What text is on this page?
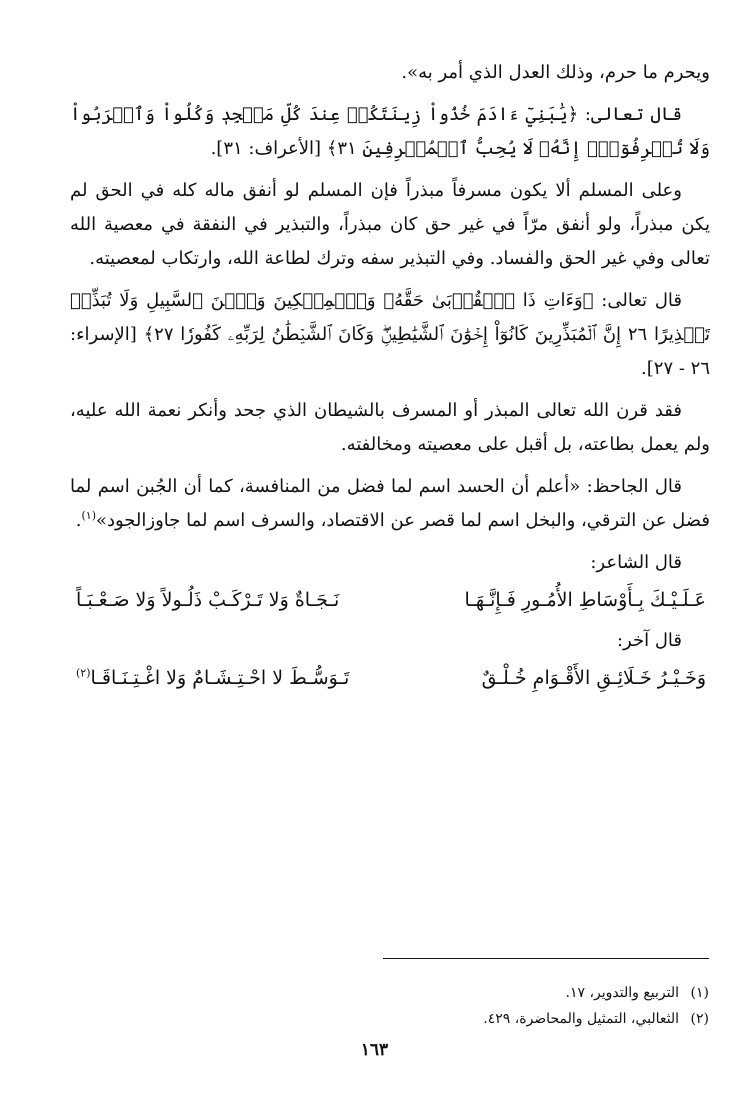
ويحرم ما حرم، وذلك العدل الذي أمر به».

قال تعالى: ﴿يَٰبَنِيٓ ءَادَمَ خُذُواْ زِينَتَكُمۡ عِندَ كُلِّ مَسۡجِدٖ وَكُلُواْ وَٱشۡرَبُواْ وَلَا تُسۡرِفُوٓاْۚ إِنَّهُۥ لَا يُحِبُّ ٱلۡمُسۡرِفِينَ ٣١﴾ [الأعراف: ٣١].

وعلى المسلم ألا يكون مسرفاً مبذراً فإن المسلم لو أنفق ماله كله في الحق لم يكن مبذراً، ولو أنفق مرّاً في غير حق كان مبذراً، والتبذير في النفقة في معصية الله تعالى وفي غير الحق والفساد. وفي التبذير سفه وترك لطاعة الله، وارتكاب لمعصيته.

قال تعالى: ﴿وَءَاتِ ذَا ٱلۡقُرۡبَىٰ حَقَّهُۥ وَٱلۡمِسۡكِينَ وَٱبۡنَ ٱلسَّبِيلِ وَلَا تُبَذِّرۡ تَبۡذِيرًا ٢٦ إِنَّ ٱلۡمُبَذِّرِينَ كَانُوٓاْ إِخۡوَٰنَ ٱلشَّيَٰطِينِۖ وَكَانَ ٱلشَّيۡطَٰنُ لِرَبِّهِۦ كَفُورٗا ٢٧﴾ [الإسراء: ٢٦ - ٢٧].

فقد قرن الله تعالى المبذر أو المسرف بالشيطان الذي جحد وأنكر نعمة الله عليه، ولم يعمل بطاعته، بل أقبل على معصيته ومخالفته.

قال الجاحظ: «أعلم أن الحسد اسم لما فضل من المنافسة، كما أن الجُبن اسم لما فضل عن الترقي، والبخل اسم لما قصر عن الاقتصاد، والسرف اسم لما جاوزالجود»$^{(١)}$.

قال الشاعر:

عَـلَـيْـكَ بِـأَوْسَاطِ الأُمُـورِ فَـإِنَّـهَـا
نَـجَـاةٌ وَلا تَـرْكَـبْ ذَلُـولاً وَلا صَـعْـبَـاً

قال آخر:

وَخَـيْـرُ خَـلَائِـقِ الأَقْـوَامِ خُـلْـقٌ
تَـوَسُّـطَ لا احْـتِـشَـامٌ وَلا اغْـتِـنَـاقَـا$^{(٢)}$

(١)التربيع والتدوير، ١٧.

(٢)الثعالبي، التمثيل والمحاضرة، ٤٢٩.

١٦٣
